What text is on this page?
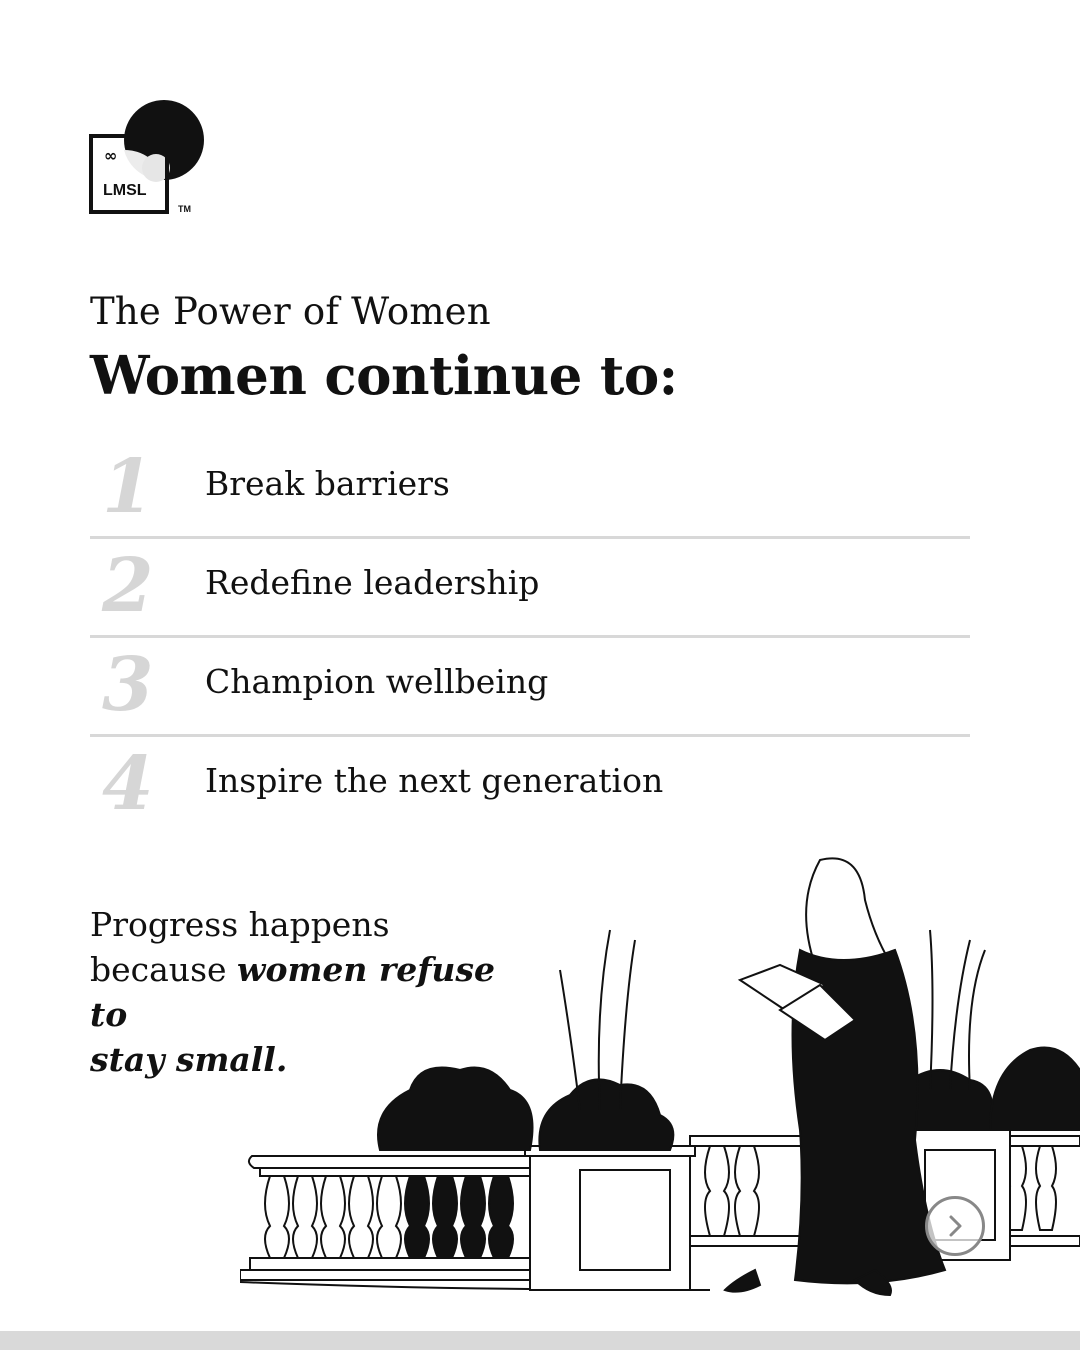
∞
LMSL
TM
The Power of Women
Women continue to:
1 Break barriers
2 Redefine leadership
3 Champion wellbeing
4 Inspire the next generation
Progress happens
because women refuse to
stay small.
